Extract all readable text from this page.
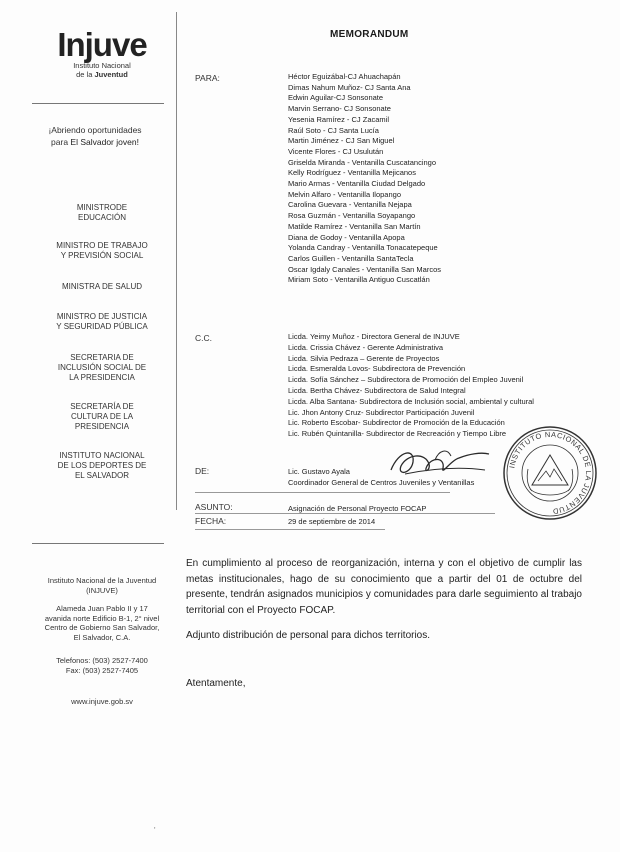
Injuve
Instituto Nacional
de la Juventud
¡Abriendo oportunidades
para El Salvador joven!
MINISTRODE
EDUCACIÓN
MINISTRO DE TRABAJO
Y PREVISIÓN SOCIAL
MINISTRA DE SALUD
MINISTRO DE JUSTICIA
Y SEGURIDAD PÚBLICA
SECRETARIA DE
INCLUSIÓN SOCIAL DE
LA PRESIDENCIA
SECRETARÍA DE
CULTURA DE LA
PRESIDENCIA
INSTITUTO NACIONAL
DE LOS DEPORTES DE
EL SALVADOR
Instituto Nacional de la Juventud
(INJUVE)
Alameda Juan Pablo II y 17
avanida norte Edificio B-1, 2° nivel
Centro de Gobierno San Salvador,
El Salvador, C.A.
Telefonos: (503) 2527-7400
Fax: (503) 2527-7405
www.injuve.gob.sv
MEMORANDUM
PARA:	Héctor Eguizábal-CJ Ahuachapán
Dimas Nahum Muñoz- CJ Santa Ana
Edwin Aguilar-CJ Sonsonate
Marvin Serrano- CJ Sonsonate
Yesenia Ramírez - CJ Zacamil
Raúl Soto - CJ Santa Lucía
Martin Jiménez - CJ San Miguel
Vicente Flores - CJ Usulután
Griselda Miranda - Ventanilla Cuscatancingo
Kelly Rodríguez - Ventanilla Mejicanos
Mario Armas - Ventanilla Ciudad Delgado
Melvin Alfaro - Ventanilla Ilopango
Carolina Guevara - Ventanilla Nejapa
Rosa Guzmán - Ventanilla Soyapango
Matilde Ramírez - Ventanilla San Martín
Diana de Godoy - Ventanilla Apopa
Yolanda Candray - Ventanilla Tonacatepeque
Carlos Guillen - Ventanilla SantaTecla
Oscar Igdaly Canales - Ventanilla San Marcos
Miriam Soto - Ventanilla Antiguo Cuscatlán
C.C.	Licda. Yeimy Muñoz - Directora General de INJUVE
Licda. Crissia Chávez - Gerente Administrativa
Licda. Silvia Pedraza – Gerente de Proyectos
Licda. Esmeralda Lovos- Subdirectora de Prevención
Licda. Sofía Sánchez – Subdirectora de Promoción del Empleo Juvenil
Licda. Bertha Chávez- Subdirectora de Salud Integral
Licda. Alba Santana- Subdirectora de Inclusión social, ambiental y cultural
Lic. Jhon Antony Cruz- Subdirector Participación Juvenil
Lic. Roberto Escobar- Subdirector de Promoción de la Educación
Lic. Rubén Quintanilla- Subdirector de Recreación y Tiempo Libre
DE:	Lic. Gustavo Ayala
Coordinador General de Centros Juveniles y Ventanillas
ASUNTO:	Asignación de Personal Proyecto FOCAP
FECHA:	29 de septiembre de 2014
INSTITUTO NACIONAL DE LA JUVENTUD
En cumplimiento al proceso de reorganización, interna y con el objetivo de cumplir las metas institucionales, hago de su conocimiento que a partir del 01 de octubre del presente, tendrán asignados municipios y comunidades para darle seguimiento al trabajo territorial con el Proyecto FOCAP.
Adjunto distribución de personal para dichos territorios.
Atentamente,
'
